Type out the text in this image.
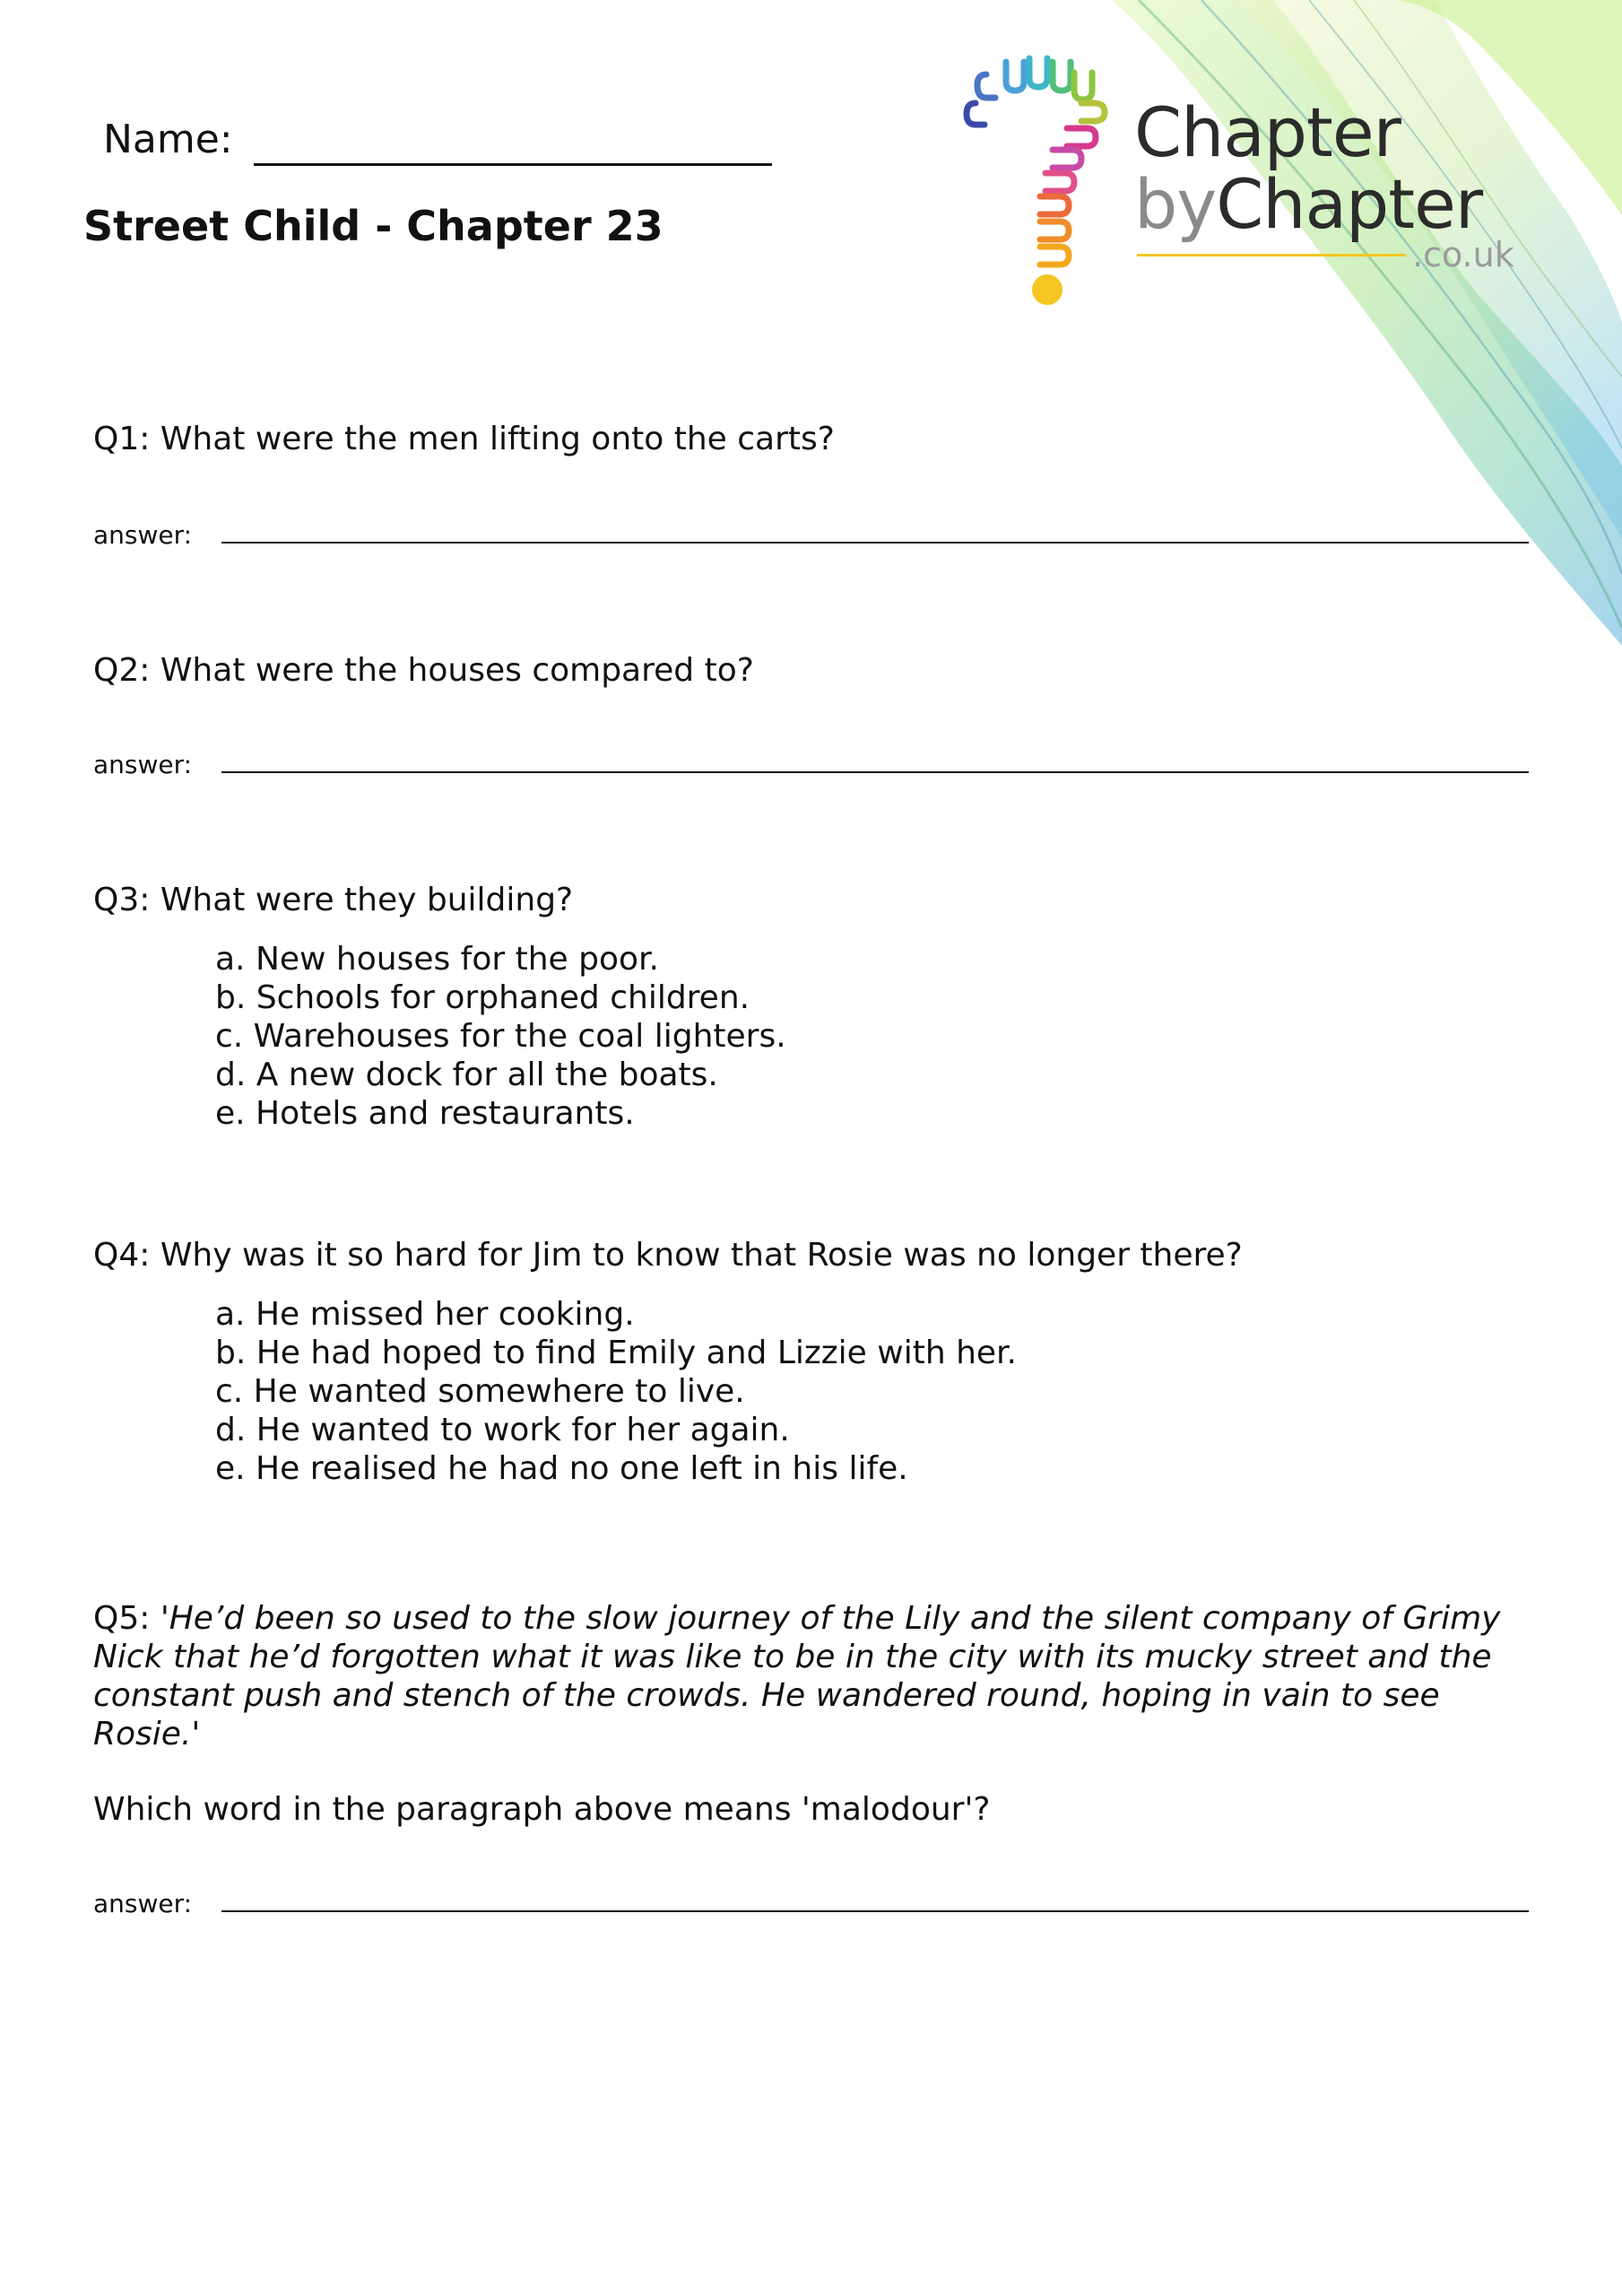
Chapter
byChapter
.co.uk
Name:
Street Child - Chapter 23
Q1: What were the men lifting onto the carts?
answer:
Q2: What were the houses compared to?
answer:
Q3: What were they building?
a. New houses for the poor.
b. Schools for orphaned children.
c. Warehouses for the coal lighters.
d. A new dock for all the boats.
e. Hotels and restaurants.
Q4: Why was it so hard for Jim to know that Rosie was no longer there?
a. He missed her cooking.
b. He had hoped to find Emily and Lizzie with her.
c. He wanted somewhere to live.
d. He wanted to work for her again.
e. He realised he had no one left in his life.
Q5: 'He’d been so used to the slow journey of the Lily and the silent company of Grimy Nick that he’d forgotten what it was like to be in the city with its mucky street and the constant push and stench of the crowds. He wandered round, hoping in vain to see Rosie.'
Which word in the paragraph above means 'malodour'?
answer:
